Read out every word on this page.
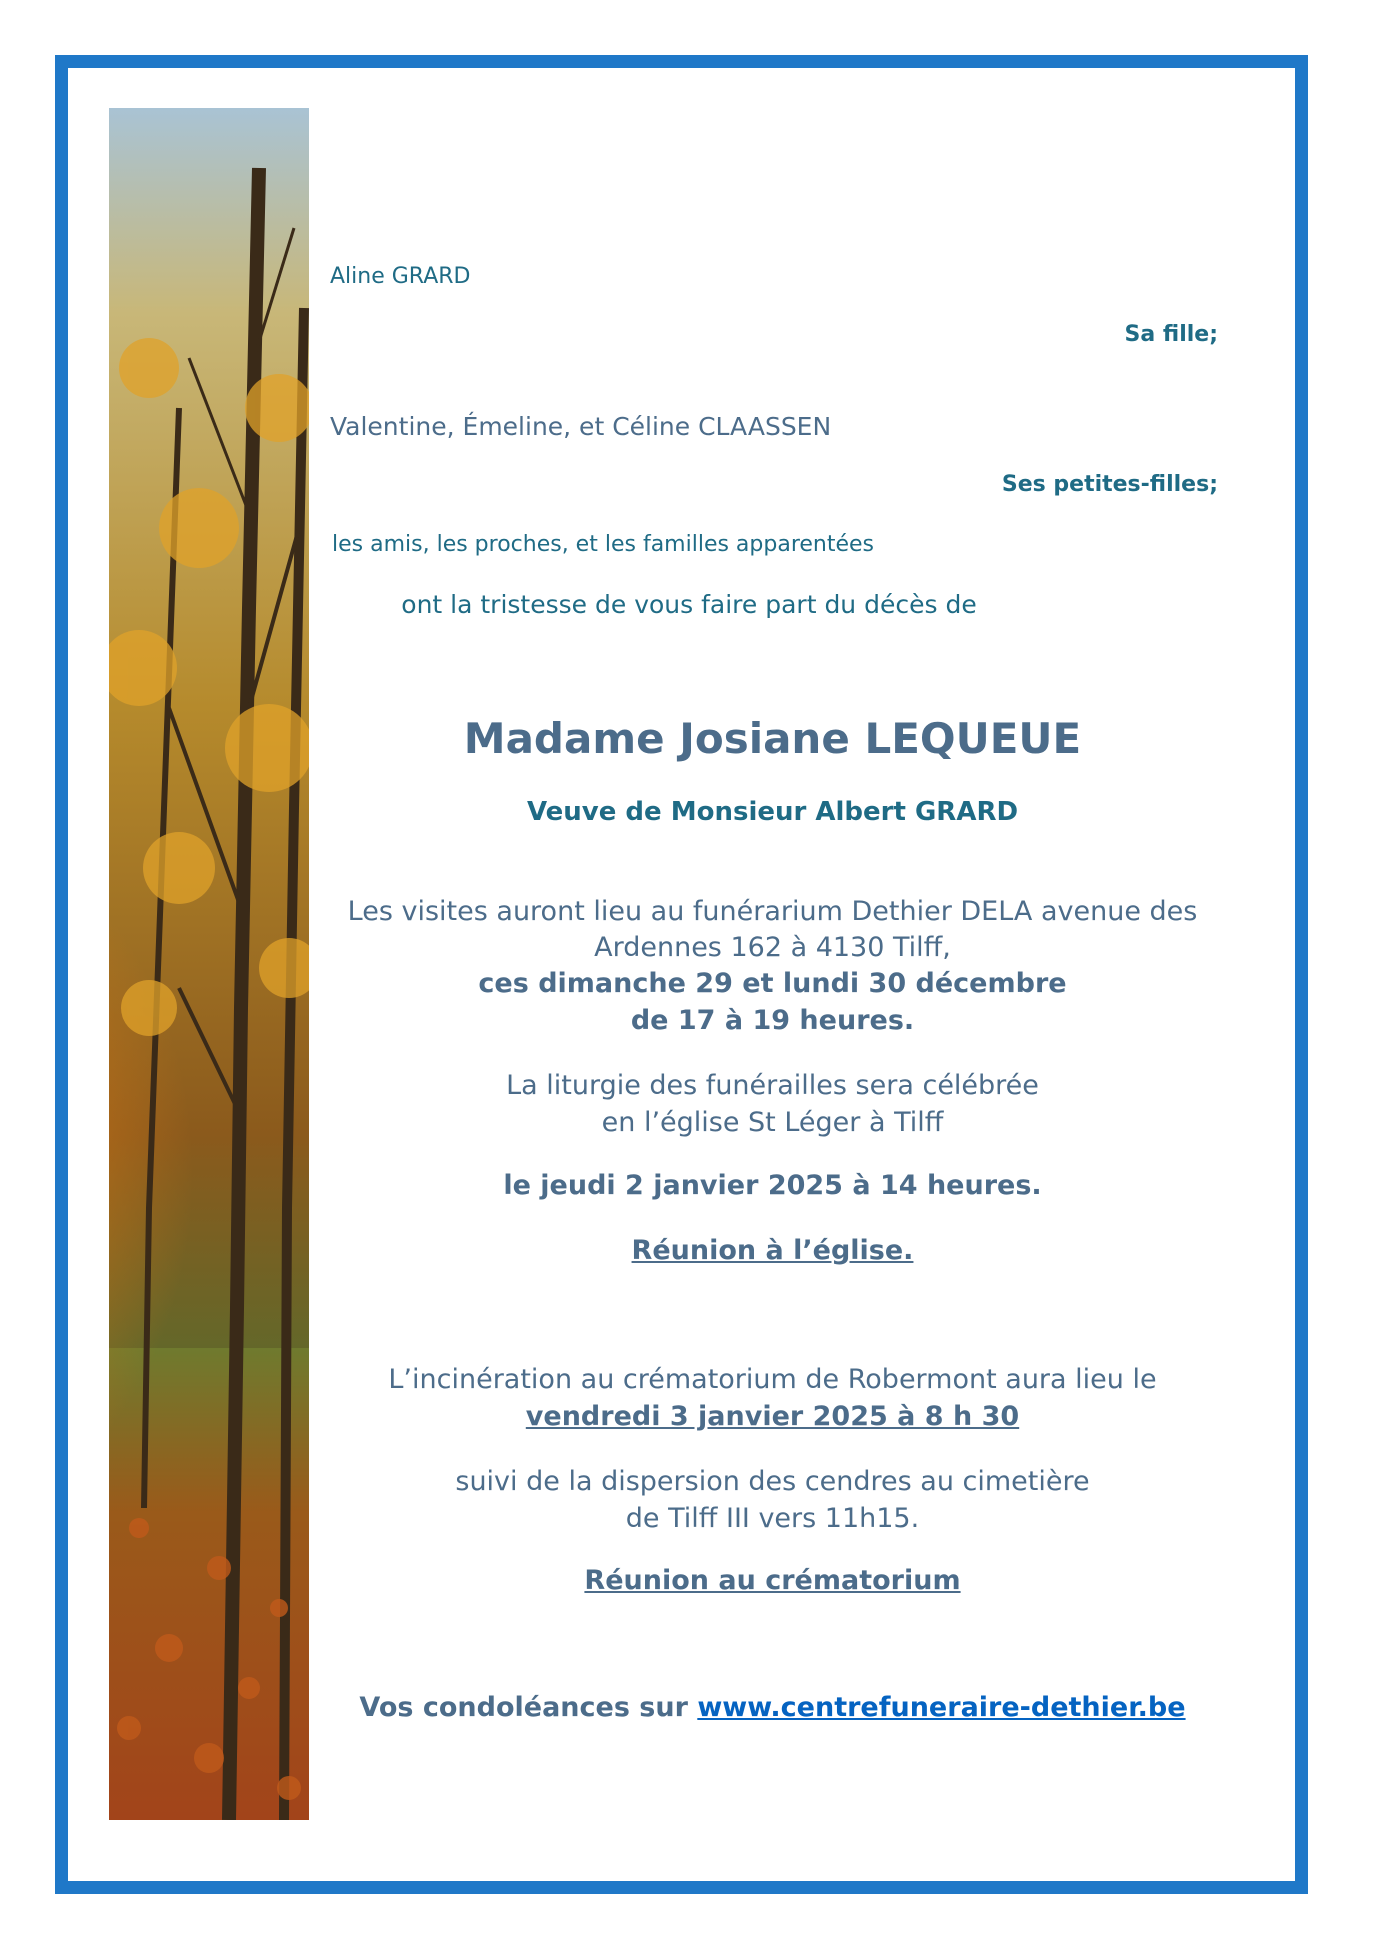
Aline GRARD

Sa fille;

Valentine, Émeline, et Céline CLAASSEN

Ses petites-filles;

les amis, les proches, et les familles apparentées

ont la tristesse de vous faire part du décès de

Madame Josiane LEQUEUE

Veuve de Monsieur Albert GRARD

Les visites auront lieu au funérarium Dethier DELA avenue des

Ardennes 162 à 4130 Tilff,

ces dimanche 29 et lundi 30 décembre

de 17 à 19 heures.

La liturgie des funérailles sera célébrée

en l’église St Léger à Tilff

le jeudi 2 janvier 2025 à 14 heures.

Réunion à l’église.

L’incinération au crématorium de Robermont aura lieu le

vendredi 3 janvier 2025 à 8 h 30

suivi de la dispersion des cendres au cimetière

de Tilff III vers 11h15.

Réunion au crématorium

Vos condoléances sur www.centrefuneraire-dethier.be
